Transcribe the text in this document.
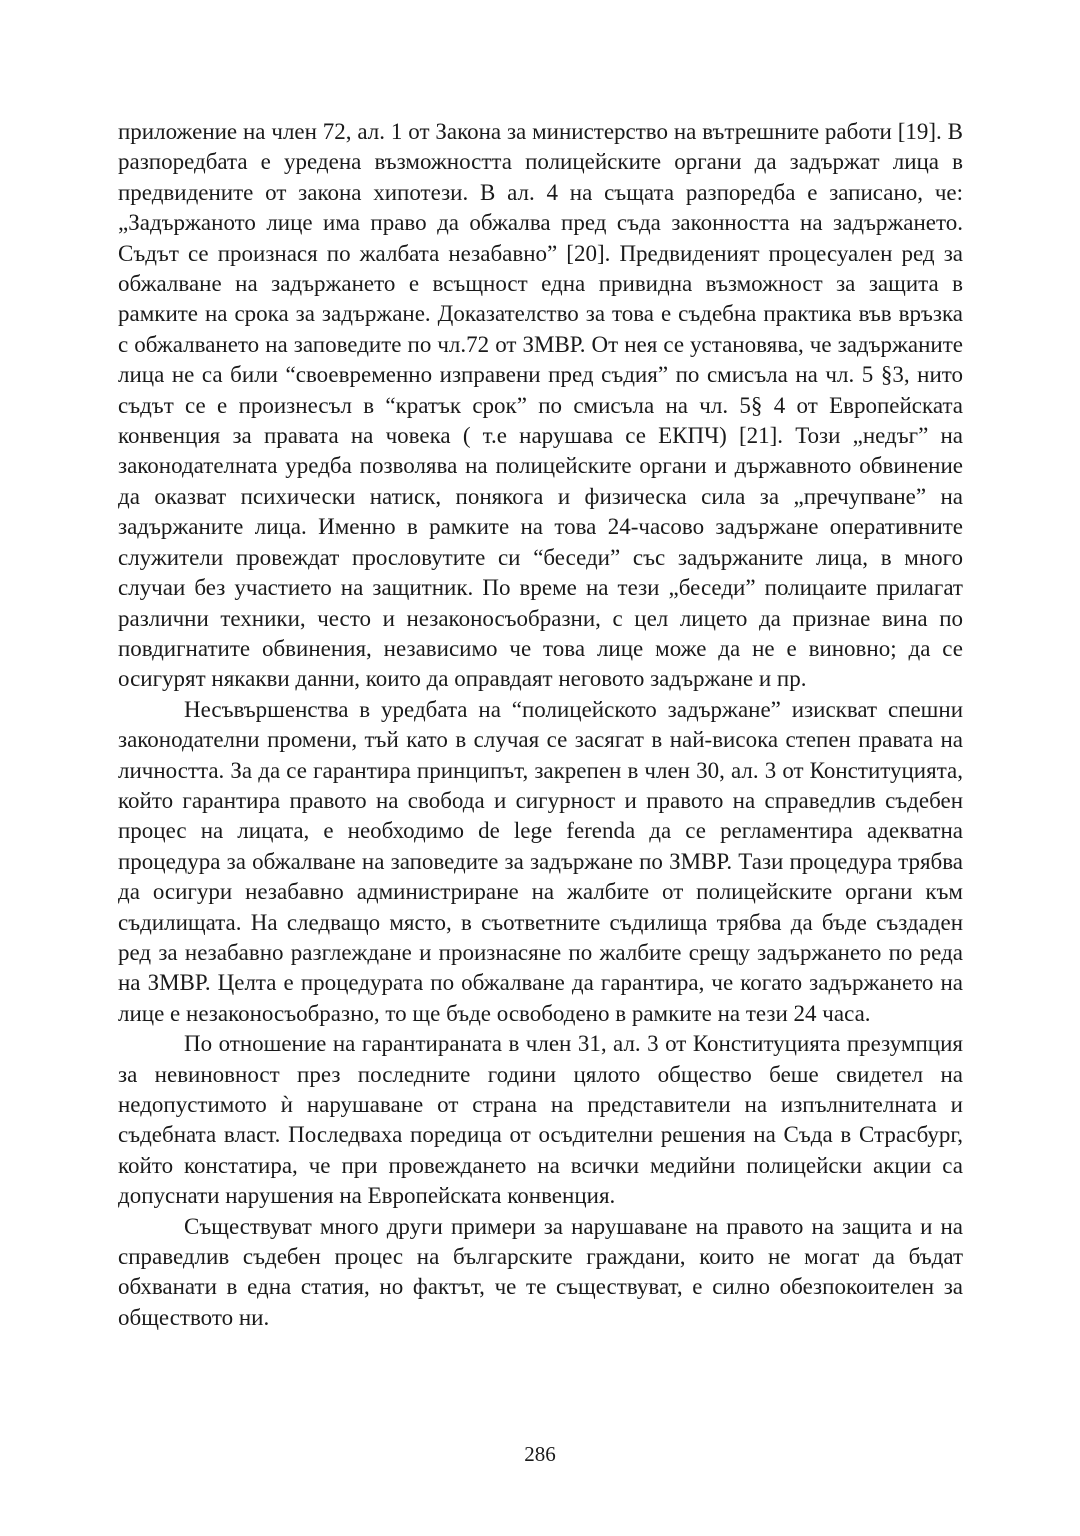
приложение на член 72, ал. 1 от Закона за министерство на вътрешните работи [19]. В разпоредбата е уредена възможността полицейските органи да задържат лица в предвидените от закона хипотези. В ал. 4 на същата разпоредба е записано, че: „Задържаното лице има право да обжалва пред съда законността на задържането. Съдът се произнася по жалбата незабавно” [20]. Предвиденият процесуален ред за обжалване на задържането е всъщност една привидна възможност за защита в рамките на срока за задържане. Доказателство за това е съдебна практика във връзка с обжалването на заповедите по чл.72 от ЗМВР. От нея се установява, че задържаните лица не са били “своевременно изправени пред съдия” по смисъла на чл. 5 §3, нито съдът се е произнесъл в “кратък срок” по смисъла на чл. 5§ 4 от Европейската конвенция за правата на човека ( т.е нарушава се ЕКПЧ) [21]. Този „недъг” на законодателната уредба позволява на полицейските органи и държавното обвинение да оказват психически натиск, понякога и физическа сила за „пречупване” на задържаните лица. Именно в рамките на това 24-часово задържане оперативните служители провеждат прословутите си “беседи” със задържаните лица, в много случаи без участието на защитник. По време на тези „беседи” полицаите прилагат различни техники, често и незаконосъобразни, с цел лицето да признае вина по повдигнатите обвинения, независимо че това лице може да не е виновно; да се осигурят някакви данни, които да оправдаят неговото задържане и пр.

Несъвършенства в уредбата на “полицейското задържане” изискват спешни законодателни промени, тъй като в случая се засягат в най-висока степен правата на личността. За да се гарантира принципът, закрепен в член 30, ал. 3 от Конституцията, който гарантира правото на свобода и сигурност и правото на справедлив съдебен процес на лицата, е необходимо de lege ferenda да се регламентира адекватна процедура за обжалване на заповедите за задържане по ЗМВР. Тази процедура трябва да осигури незабавно администриране на жалбите от полицейските органи към съдилищата. На следващо място, в съответните съдилища трябва да бъде създаден ред за незабавно разглеждане и произнасяне по жалбите срещу задържането по реда на ЗМВР. Целта е процедурата по обжалване да гарантира, че когато задържането на лице е незаконосъобразно, то ще бъде освободено в рамките на тези 24 часа.

По отношение на гарантираната в член 31, ал. 3 от Конституцията презумпция за невиновност през последните години цялото общество беше свидетел на недопустимото ѝ нарушаване от страна на представители на изпълнителната и съдебната власт. Последваха поредица от осъдителни решения на Съда в Страсбург, който констатира, че при провеждането на всички медийни полицейски акции са допуснати нарушения на Европейската конвенция.

Съществуват много други примери за нарушаване на правото на защита и на справедлив съдебен процес на българските граждани, които не могат да бъдат обхванати в една статия, но фактът, че те съществуват, е силно обезпокоителен за обществото ни.

286
